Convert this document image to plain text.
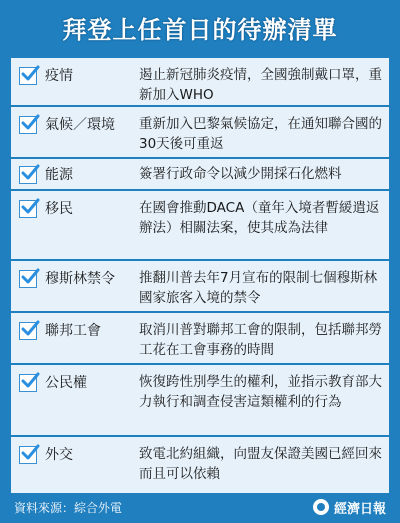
拜登上任首日的待辦清單
疫情	遏止新冠肺炎疫情，全國強制戴口罩，重新加入WHO
氣候／環境 重新加入巴黎氣候協定，在通知聯合國的30天後可重返
能源	簽署行政命令以減少開採石化燃料
移民	在國會推動DACA（童年入境者暫緩遣返辦法）相關法案，使其成為法律
穆斯林禁令 推翻川普去年7月宣布的限制七個穆斯林國家旅客入境的禁令
聯邦工會	取消川普對聯邦工會的限制，包括聯邦勞工花在工會事務的時間
公民權	恢復跨性別學生的權利，並指示教育部大力執行和調查侵害這類權利的行為
外交	致電北約組織，向盟友保證美國已經回來而且可以依賴
資料來源：綜合外電	經濟日報
